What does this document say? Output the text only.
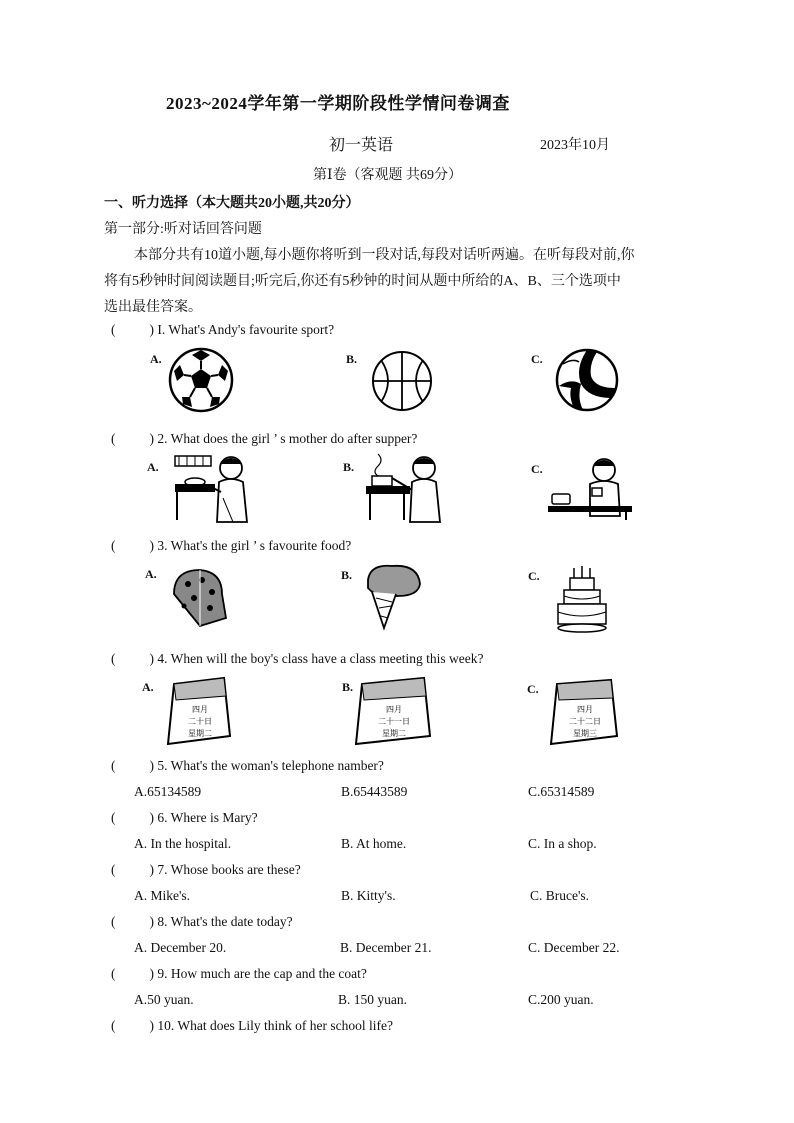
2023~2024学年第一学期阶段性学情问卷调查
初一英语	2023年10月
第Ⅰ卷（客观题 共69分）
一、听力选择（本大题共20小题,共20分）
第一部分:听对话回答问题
本部分共有10道小题,每小题你将听到一段对话,每段对话听两遍。在听每段对前,你
将有5秒钟时间阅读题目;听完后,你还有5秒钟的时间从题中所给的A、B、三个选项中
选出最佳答案。
(	) I. What's Andy's favourite sport?
A.	B.	C.
(	) 2. What does the girl ’ s mother do after supper?
A.	B.	C.
(	) 3. What's the girl ’ s favourite food?
A.	B.	C.
(	) 4. When will the boy's class have a class meeting this week?
A.	B.	C.
四月
二十日
星期二
四月
二十一日
星期二
四月
二十二日
星期三
(	) 5. What's the woman's telephone namber?
A.65134589	B.65443589	C.65314589
(	) 6. Where is Mary?
A. In the hospital.	B. At home.	C. In a shop.
(	) 7. Whose books are these?
A. Mike's.	B. Kitty's.	C. Bruce's.
(	) 8. What's the date today?
A. December 20.	B. December 21.	C. December 22.
(	) 9. How much are the cap and the coat?
A.50 yuan.	B. 150 yuan.	C.200 yuan.
(	) 10. What does Lily think of her school life?
